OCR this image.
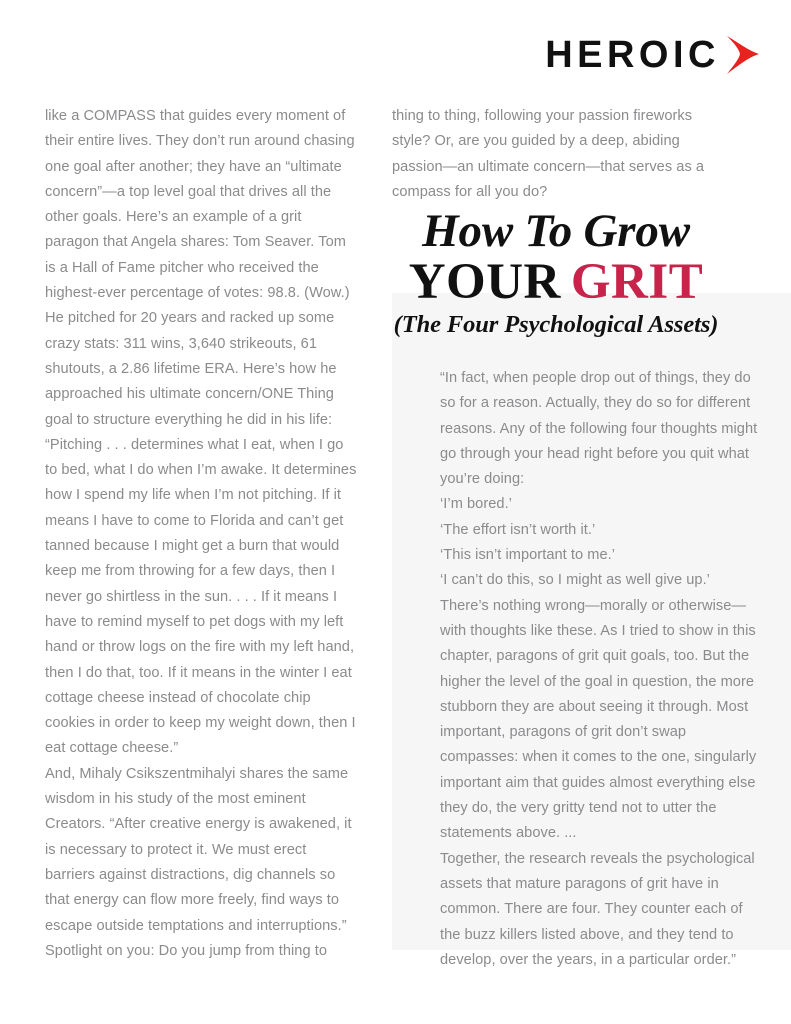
HEROIC

like a COMPASS that guides every moment of their entire lives. They don’t run around chasing one goal after another; they have an “ultimate concern”—a top level goal that drives all the other goals. Here’s an example of a grit paragon that Angela shares: Tom Seaver. Tom is a Hall of Fame pitcher who received the highest-ever percentage of votes: 98.8. (Wow.) He pitched for 20 years and racked up some crazy stats: 311 wins, 3,640 strikeouts, 61 shutouts, a 2.86 lifetime ERA. Here’s how he approached his ultimate concern/ONE Thing goal to structure everything he did in his life: “Pitching . . . determines what I eat, when I go to bed, what I do when I’m awake. It determines how I spend my life when I’m not pitching. If it means I have to come to Florida and can’t get tanned because I might get a burn that would keep me from throwing for a few days, then I never go shirtless in the sun. . . . If it means I have to remind myself to pet dogs with my left hand or throw logs on the fire with my left hand, then I do that, too. If it means in the winter I eat cottage cheese instead of chocolate chip cookies in order to keep my weight down, then I eat cottage cheese.”

And, Mihaly Csikszentmihalyi shares the same wisdom in his study of the most eminent Creators. “After creative energy is awakened, it is necessary to protect it. We must erect barriers against distractions, dig channels so that energy can flow more freely, find ways to escape outside temptations and interruptions.”

Spotlight on you: Do you jump from thing to

thing to thing, following your passion fireworks style? Or, are you guided by a deep, abiding passion—an ultimate concern—that serves as a compass for all you do?

How To Grow
YOUR GRIT
(The Four Psychological Assets)

“In fact, when people drop out of things, they do so for a reason. Actually, they do so for different reasons. Any of the following four thoughts might go through your head right before you quit what you’re doing:

‘I’m bored.’

‘The effort isn’t worth it.’

‘This isn’t important to me.’

‘I can’t do this, so I might as well give up.’

There’s nothing wrong—morally or otherwise—with thoughts like these. As I tried to show in this chapter, paragons of grit quit goals, too. But the higher the level of the goal in question, the more stubborn they are about seeing it through. Most important, paragons of grit don’t swap compasses: when it comes to the one, singularly important aim that guides almost everything else they do, the very gritty tend not to utter the statements above. ...

Together, the research reveals the psychological assets that mature paragons of grit have in common. There are four. They counter each of the buzz killers listed above, and they tend to develop, over the years, in a particular order.”
